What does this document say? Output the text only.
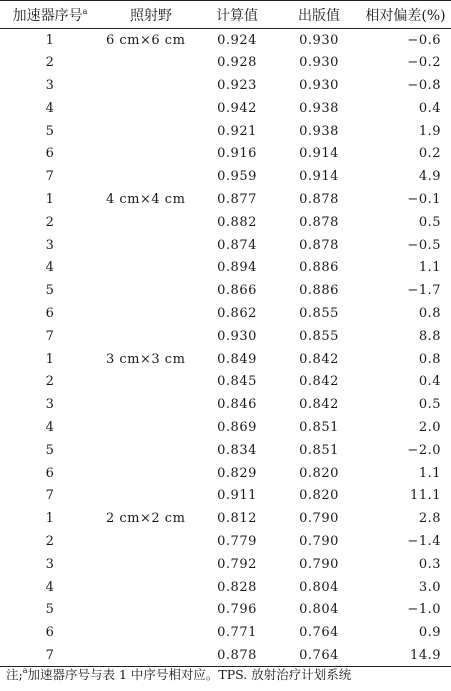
加速器序号$^a$	照射野	计算值	出版值	相对偏差(%)
1	6 cm×6 cm	0.924	0.930	−0.6
2		0.928	0.930	−0.2
3		0.923	0.930	−0.8
4		0.942	0.938	0.4
5		0.921	0.938	1.9
6		0.916	0.914	0.2
7		0.959	0.914	4.9
1	4 cm×4 cm	0.877	0.878	−0.1
2		0.882	0.878	0.5
3		0.874	0.878	−0.5
4		0.894	0.886	1.1
5		0.866	0.886	−1.7
6		0.862	0.855	0.8
7		0.930	0.855	8.8
1	3 cm×3 cm	0.849	0.842	0.8
2		0.845	0.842	0.4
3		0.846	0.842	0.5
4		0.869	0.851	2.0
5		0.834	0.851	−2.0
6		0.829	0.820	1.1
7		0.911	0.820	11.1
1	2 cm×2 cm	0.812	0.790	2.8
2		0.779	0.790	−1.4
3		0.792	0.790	0.3
4		0.828	0.804	3.0
5		0.796	0.804	−1.0
6		0.771	0.764	0.9
7		0.878	0.764	14.9
注;$^a$加速器序号与表 1 中序号相对应。TPS. 放射治疗计划系统
